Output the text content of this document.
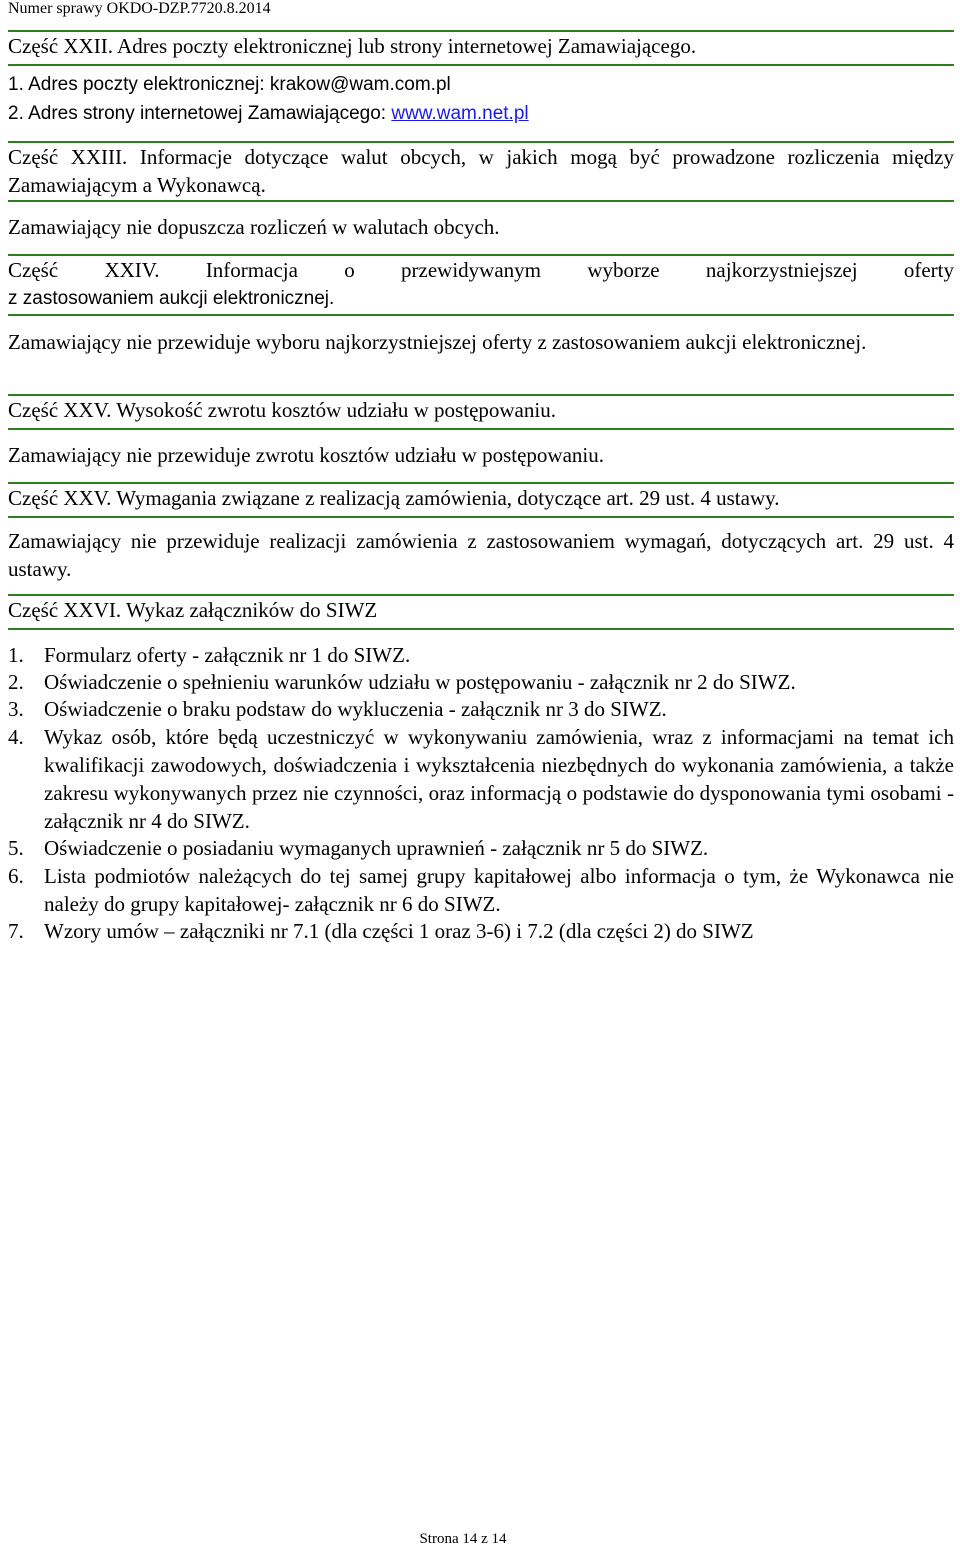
Numer sprawy OKDO-DZP.7720.8.2014
Część XXII. Adres poczty elektronicznej lub strony internetowej Zamawiającego.
1. Adres poczty elektronicznej: krakow@wam.com.pl
2. Adres strony internetowej Zamawiającego: www.wam.net.pl
Część XXIII. Informacje dotyczące walut obcych, w jakich mogą być prowadzone rozliczenia między Zamawiającym a Wykonawcą.
Zamawiający nie dopuszcza rozliczeń w walutach obcych.
Część XXIV. Informacja o przewidywanym wyborze najkorzystniejszej oferty
z zastosowaniem aukcji elektronicznej.
Zamawiający nie przewiduje wyboru najkorzystniejszej oferty z zastosowaniem aukcji elektronicznej.
Część XXV. Wysokość zwrotu kosztów udziału w postępowaniu.
Zamawiający nie przewiduje zwrotu kosztów udziału w postępowaniu.
Część XXV. Wymagania związane z realizacją zamówienia, dotyczące art. 29 ust. 4 ustawy.
Zamawiający nie przewiduje realizacji zamówienia z zastosowaniem wymagań, dotyczących art. 29 ust. 4 ustawy.
Część XXVI. Wykaz załączników do SIWZ
1. Formularz oferty - załącznik nr 1 do SIWZ.
2. Oświadczenie o spełnieniu warunków udziału w postępowaniu - załącznik nr 2 do SIWZ.
3. Oświadczenie o braku podstaw do wykluczenia - załącznik nr 3 do SIWZ.
4. Wykaz osób, które będą uczestniczyć w wykonywaniu zamówienia, wraz z informacjami na temat ich kwalifikacji zawodowych, doświadczenia i wykształcenia niezbędnych do wykonania zamówienia, a także zakresu wykonywanych przez nie czynności, oraz informacją o podstawie do dysponowania tymi osobami - załącznik nr 4 do SIWZ.
5. Oświadczenie o posiadaniu wymaganych uprawnień - załącznik nr 5 do SIWZ.
6. Lista podmiotów należących do tej samej grupy kapitałowej albo informacja o tym, że Wykonawca nie należy do grupy kapitałowej- załącznik nr 6 do SIWZ.
7. Wzory umów – załączniki nr 7.1 (dla części 1 oraz 3-6) i 7.2 (dla części 2) do SIWZ
Strona 14 z 14
